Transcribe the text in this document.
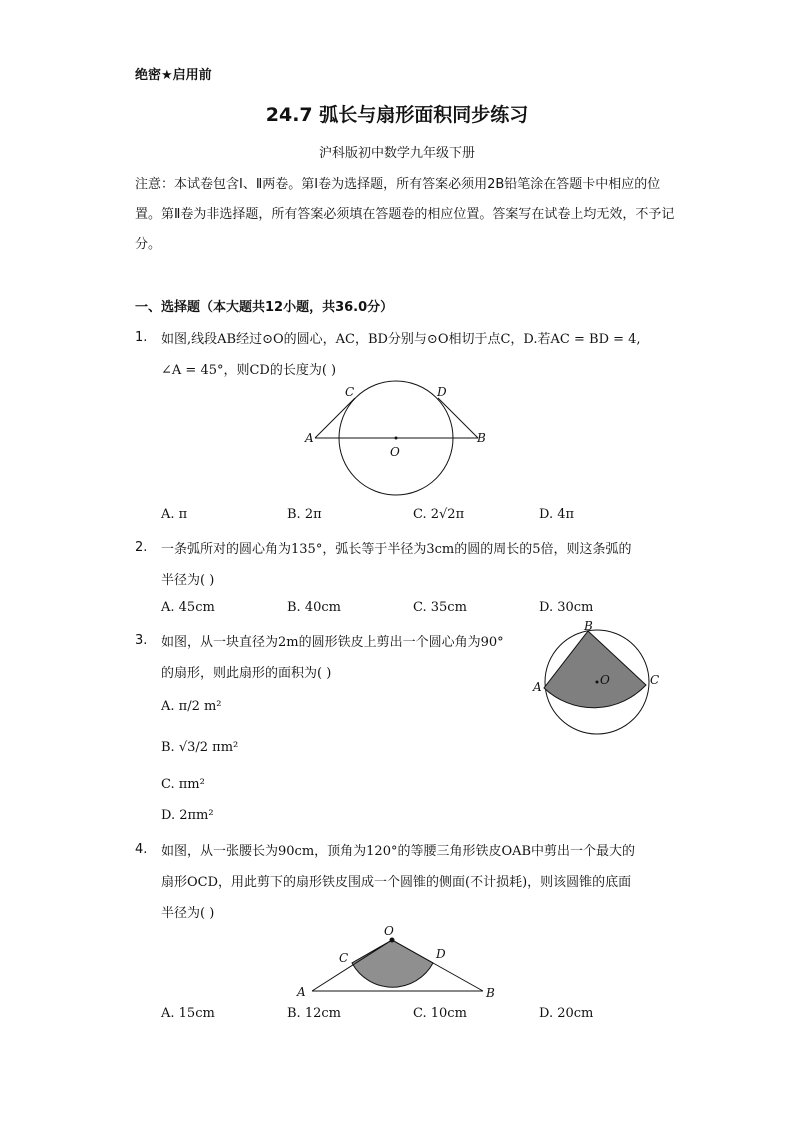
绝密★启用前
24.7 弧长与扇形面积同步练习
沪科版初中数学九年级下册
注意：本试卷包含Ⅰ、Ⅱ两卷。第Ⅰ卷为选择题，所有答案必须用2B铅笔涂在答题卡中相应的位置。第Ⅱ卷为非选择题，所有答案必须填在答题卷的相应位置。答案写在试卷上均无效，不予记分。
一、选择题（本大题共12小题，共36.0分）
1. 如图,线段AB经过⊙O的圆心，AC，BD分别与⊙O相切于点C，D.若AC = BD = 4,
∠A = 45°，则CD的长度为( )
A	B
C	D
O
A. π	B. 2π	C. 2√2π	D. 4π
2. 一条弧所对的圆心角为135°，弧长等于半径为3cm的圆的周长的5倍，则这条弧的
半径为( )
A. 45cm	B. 40cm	C. 35cm	D. 30cm
3. 如图，从一块直径为2m的圆形铁皮上剪出一个圆心角为90°
的扇形，则此扇形的面积为( )
B
A	C
O
A. π/2 m²
B. √3/2 πm²
C. πm²
D. 2πm²
4. 如图，从一张腰长为90cm，顶角为120°的等腰三角形铁皮OAB中剪出一个最大的
扇形OCD，用此剪下的扇形铁皮围成一个圆锥的侧面(不计损耗)，则该圆锥的底面
半径为( )
O
C	D
A	B
A. 15cm	B. 12cm	C. 10cm	D. 20cm
